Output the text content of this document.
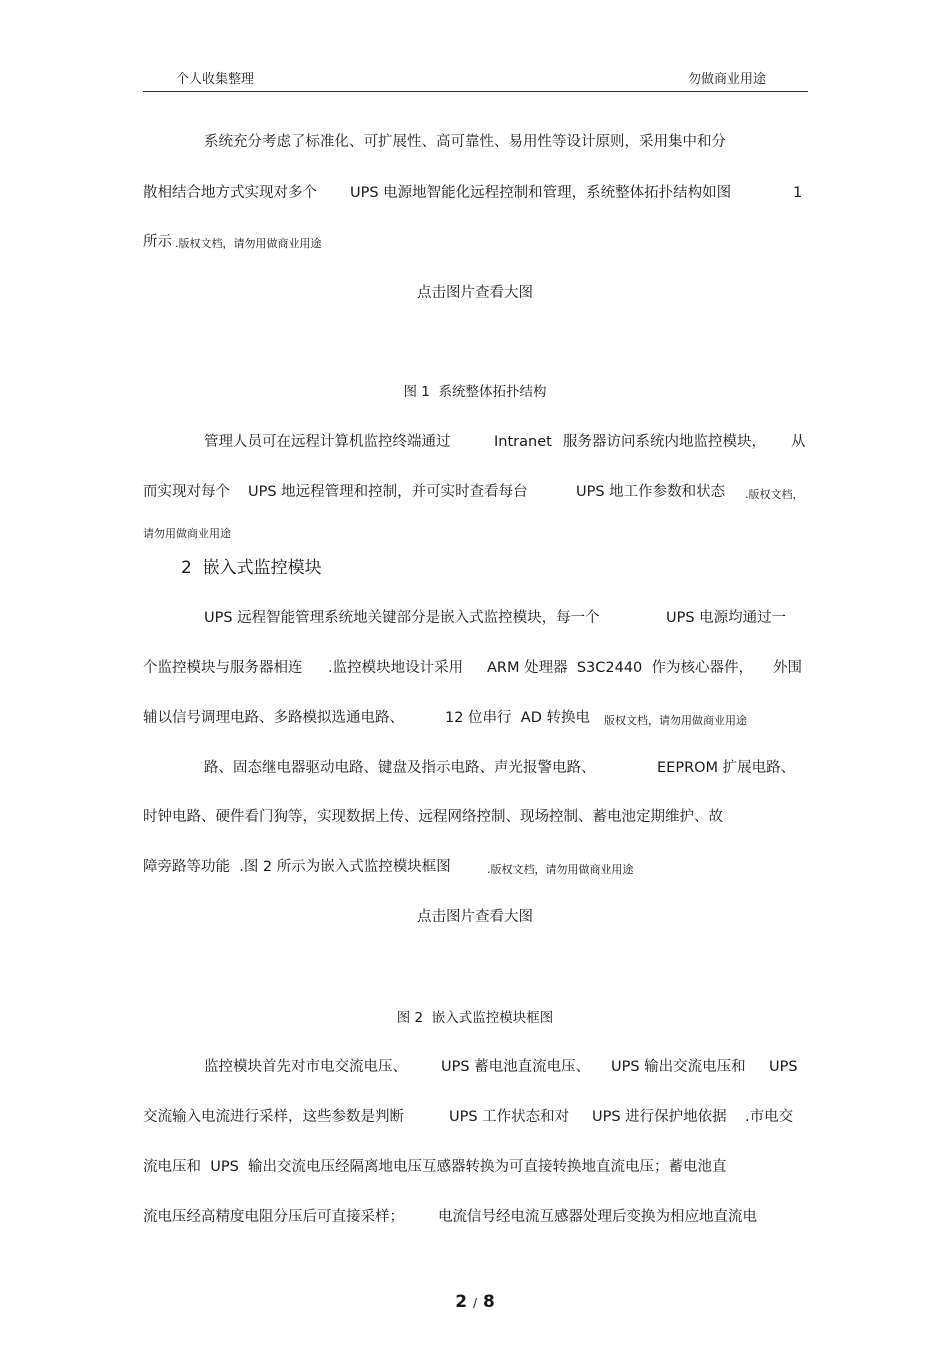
个人收集整理	勿做商业用途
系统充分考虑了标准化、可扩展性、高可靠性、易用性等设计原则，采用集中和分
散相结合地方式实现对多个 UPS 电源地智能化远程控制和管理，系统整体拓扑结构如图	1
所示 .版权文档，请勿用做商业用途
点击图片查看大图
图 1  系统整体拓扑结构
管理人员可在远程计算机监控终端通过	Intranet 服务器访问系统内地监控模块， 从
而实现对每个 UPS 地远程管理和控制，并可实时查看每台	UPS 地工作参数和状态 .版权文档，
请勿用做商业用途
2  嵌入式监控模块
UPS 远程智能管理系统地关键部分是嵌入式监控模块，每一个	UPS 电源均通过一
个监控模块与服务器相连 .监控模块地设计采用 ARM 处理器  S3C2440  作为核心器件， 外围
辅以信号调理电路、多路模拟选通电路、	12 位串行  AD 转换电 版权文档，请勿用做商业用途
路、固态继电器驱动电路、键盘及指示电路、声光报警电路、	EEPROM 扩展电路、
时钟电路、硬件看门狗等，实现数据上传、远程网络控制、现场控制、蓄电池定期维护、故
障旁路等功能  .图 2 所示为嵌入式监控模块框图	.版权文档，请勿用做商业用途
点击图片查看大图
图 2  嵌入式监控模块框图
监控模块首先对市电交流电压、 UPS 蓄电池直流电压、 UPS 输出交流电压和 UPS
交流输入电流进行采样，这些参数是判断	UPS 工作状态和对 UPS 进行保护地依据 .市电交
流电压和  UPS  输出交流电压经隔离地电压互感器转换为可直接转换地直流电压；蓄电池直
流电压经高精度电阻分压后可直接采样； 电流信号经电流互感器处理后变换为相应地直流电
2 / 8
